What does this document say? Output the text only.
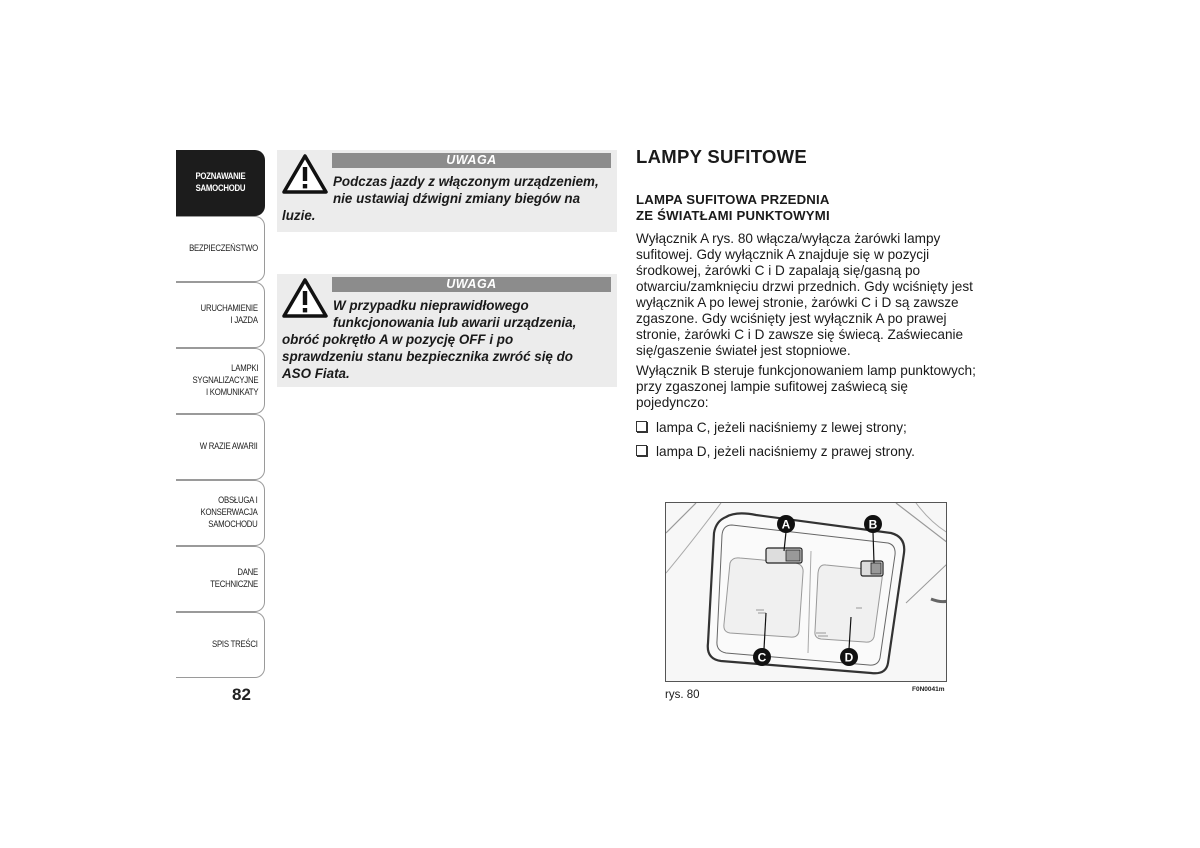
POZNAWANIE
SAMOCHODU
BEZPIECZEŃSTWO
URUCHAMIENIE
I JAZDA
LAMPKI
SYGNALIZACYJNE
I KOMUNIKATY
W RAZIE AWARII
OBSŁUGA I
KONSERWACJA
SAMOCHODU
DANE TECHNICZNE
SPIS TREŚCI
82
UWAGA
Podczas jazdy z włączonym urządzeniem,
nie ustawiaj dźwigni zmiany biegów na
luzie.
UWAGA
W przypadku nieprawidłowego
funkcjonowania lub awarii urządzenia,
obróć pokrętło A w pozycję OFF i po
sprawdzeniu stanu bezpiecznika zwróć się do
ASO Fiata.
LAMPY SUFITOWE
LAMPA SUFITOWA PRZEDNIA
ZE ŚWIATŁAMI PUNKTOWYMI
Wyłącznik A rys. 80 włącza/wyłącza żarówki lampy sufitowej. Gdy wyłącznik A znajduje się w pozycji środkowej, żarówki C i D zapalają się/gasną po otwarciu/zamknięciu drzwi przednich. Gdy wciśnięty jest wyłącznik A po lewej stronie, żarówki C i D są zawsze zgaszone. Gdy wciśnięty jest wyłącznik A po prawej stronie, żarówki C i D zawsze się świecą. Zaświecanie się/gaszenie świateł jest stopniowe.
Wyłącznik B steruje funkcjonowaniem lamp punktowych; przy zgaszonej lampie sufitowej zaświecą się pojedynczo:
lampa C, jeżeli naciśniemy z lewej strony;
lampa D, jeżeli naciśniemy z prawej strony.
A	B
C	D
rys. 80	F0N0041m
